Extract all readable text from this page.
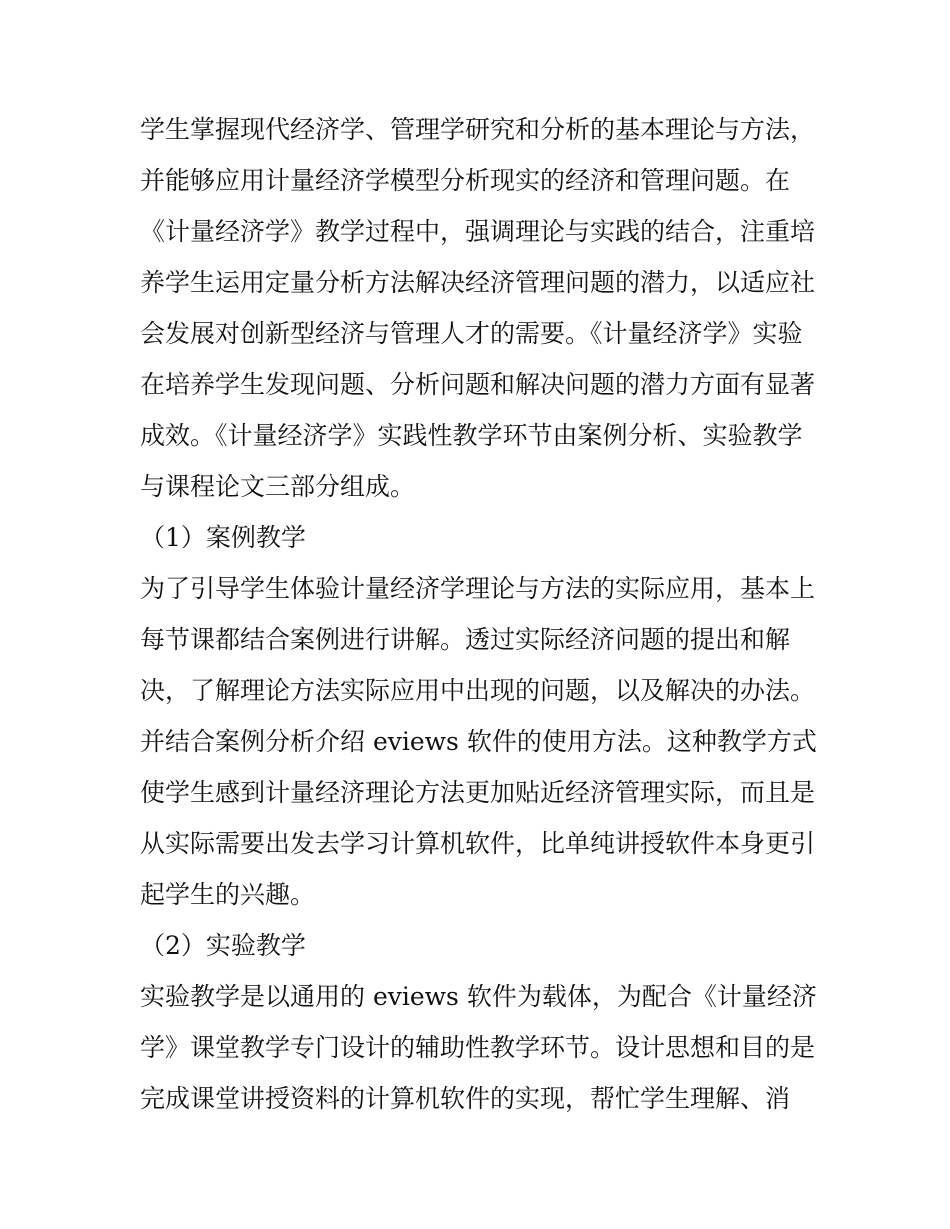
学生掌握现代经济学、管理学研究和分析的基本理论与方法，
并能够应用计量经济学模型分析现实的经济和管理问题。在
《计量经济学》教学过程中，强调理论与实践的结合，注重培
养学生运用定量分析方法解决经济管理问题的潜力，以适应社
会发展对创新型经济与管理人才的需要。《计量经济学》实验
在培养学生发现问题、分析问题和解决问题的潜力方面有显著
成效。《计量经济学》实践性教学环节由案例分析、实验教学
与课程论文三部分组成。
（1）案例教学
为了引导学生体验计量经济学理论与方法的实际应用，基本上
每节课都结合案例进行讲解。透过实际经济问题的提出和解
决，了解理论方法实际应用中出现的问题，以及解决的办法。
并结合案例分析介绍 eviews 软件的使用方法。这种教学方式
使学生感到计量经济理论方法更加贴近经济管理实际，而且是
从实际需要出发去学习计算机软件，比单纯讲授软件本身更引
起学生的兴趣。
（2）实验教学
实验教学是以通用的 eviews 软件为载体，为配合《计量经济
学》课堂教学专门设计的辅助性教学环节。设计思想和目的是
完成课堂讲授资料的计算机软件的实现，帮忙学生理解、消
